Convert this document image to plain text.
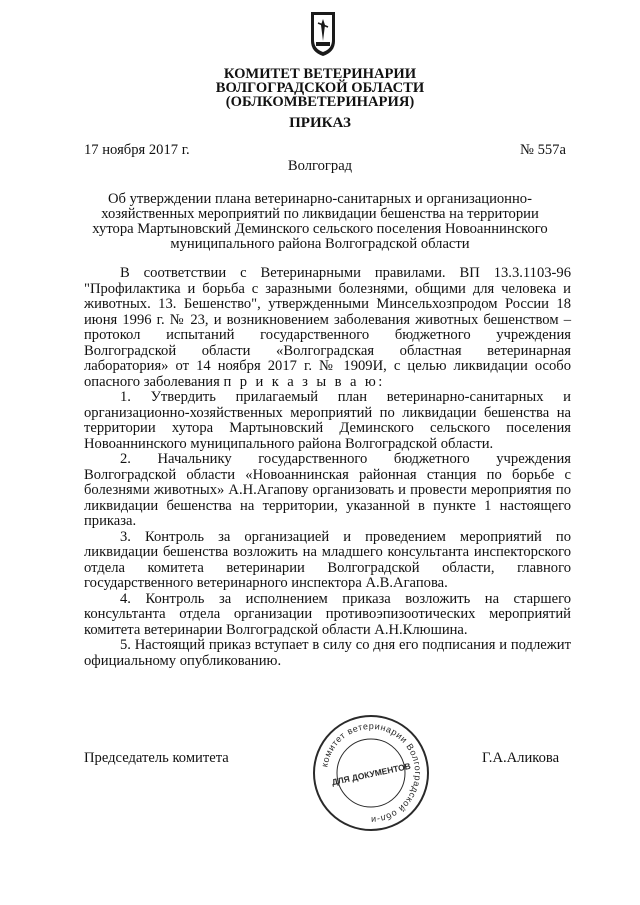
КОМИТЕТ ВЕТЕРИНАРИИ
ВОЛГОГРАДСКОЙ ОБЛАСТИ
(ОБЛКОМВЕТЕРИНАРИЯ)
ПРИКАЗ
17 ноября 2017 г.	№ 557а
Волгоград
Об утверждении плана ветеринарно-санитарных и организационно-хозяйственных мероприятий по ликвидации бешенства на территории хутора Мартыновский Деминского сельского поселения Новоаннинского муниципального района Волгоградской области

В соответствии с Ветеринарными правилами. ВП 13.3.1103-96 "Профилактика и борьба с заразными болезнями, общими для человека и животных. 13. Бешенство", утвержденными Минсельхозпродом России 18 июня 1996 г. № 23, и возникновением заболевания животных бешенством – протокол испытаний государственного бюджетного учреждения Волгоградской области «Волгоградская областная ветеринарная лаборатория» от 14 ноября 2017 г. № 1909И, с целью ликвидации особо опасного заболевания п р и к а з ы в а ю:

1. Утвердить прилагаемый план ветеринарно-санитарных и организационно-хозяйственных мероприятий по ликвидации бешенства на территории хутора Мартыновский Деминского сельского поселения Новоаннинского муниципального района Волгоградской области.

2. Начальнику государственного бюджетного учреждения Волгоградской области «Новоаннинская районная станция по борьбе с болезнями животных» А.Н.Агапову организовать и провести мероприятия по ликвидации бешенства на территории, указанной в пункте 1 настоящего приказа.

3. Контроль за организацией и проведением мероприятий по ликвидации бешенства возложить на младшего консультанта инспекторского отдела комитета ветеринарии Волгоградской области, главного государственного ветеринарного инспектора А.В.Агапова.

4. Контроль за исполнением приказа возложить на старшего консультанта отдела организации противоэпизоотических мероприятий комитета ветеринарии Волгоградской области А.Н.Клюшина.

5. Настоящий приказ вступает в силу со дня его подписания и подлежит официальному опубликованию.

Председатель комитета	Г.А.Аликова
комитет ветеринарии Волгоградской обл-и
ДЛЯ ДОКУМЕНТОВ
